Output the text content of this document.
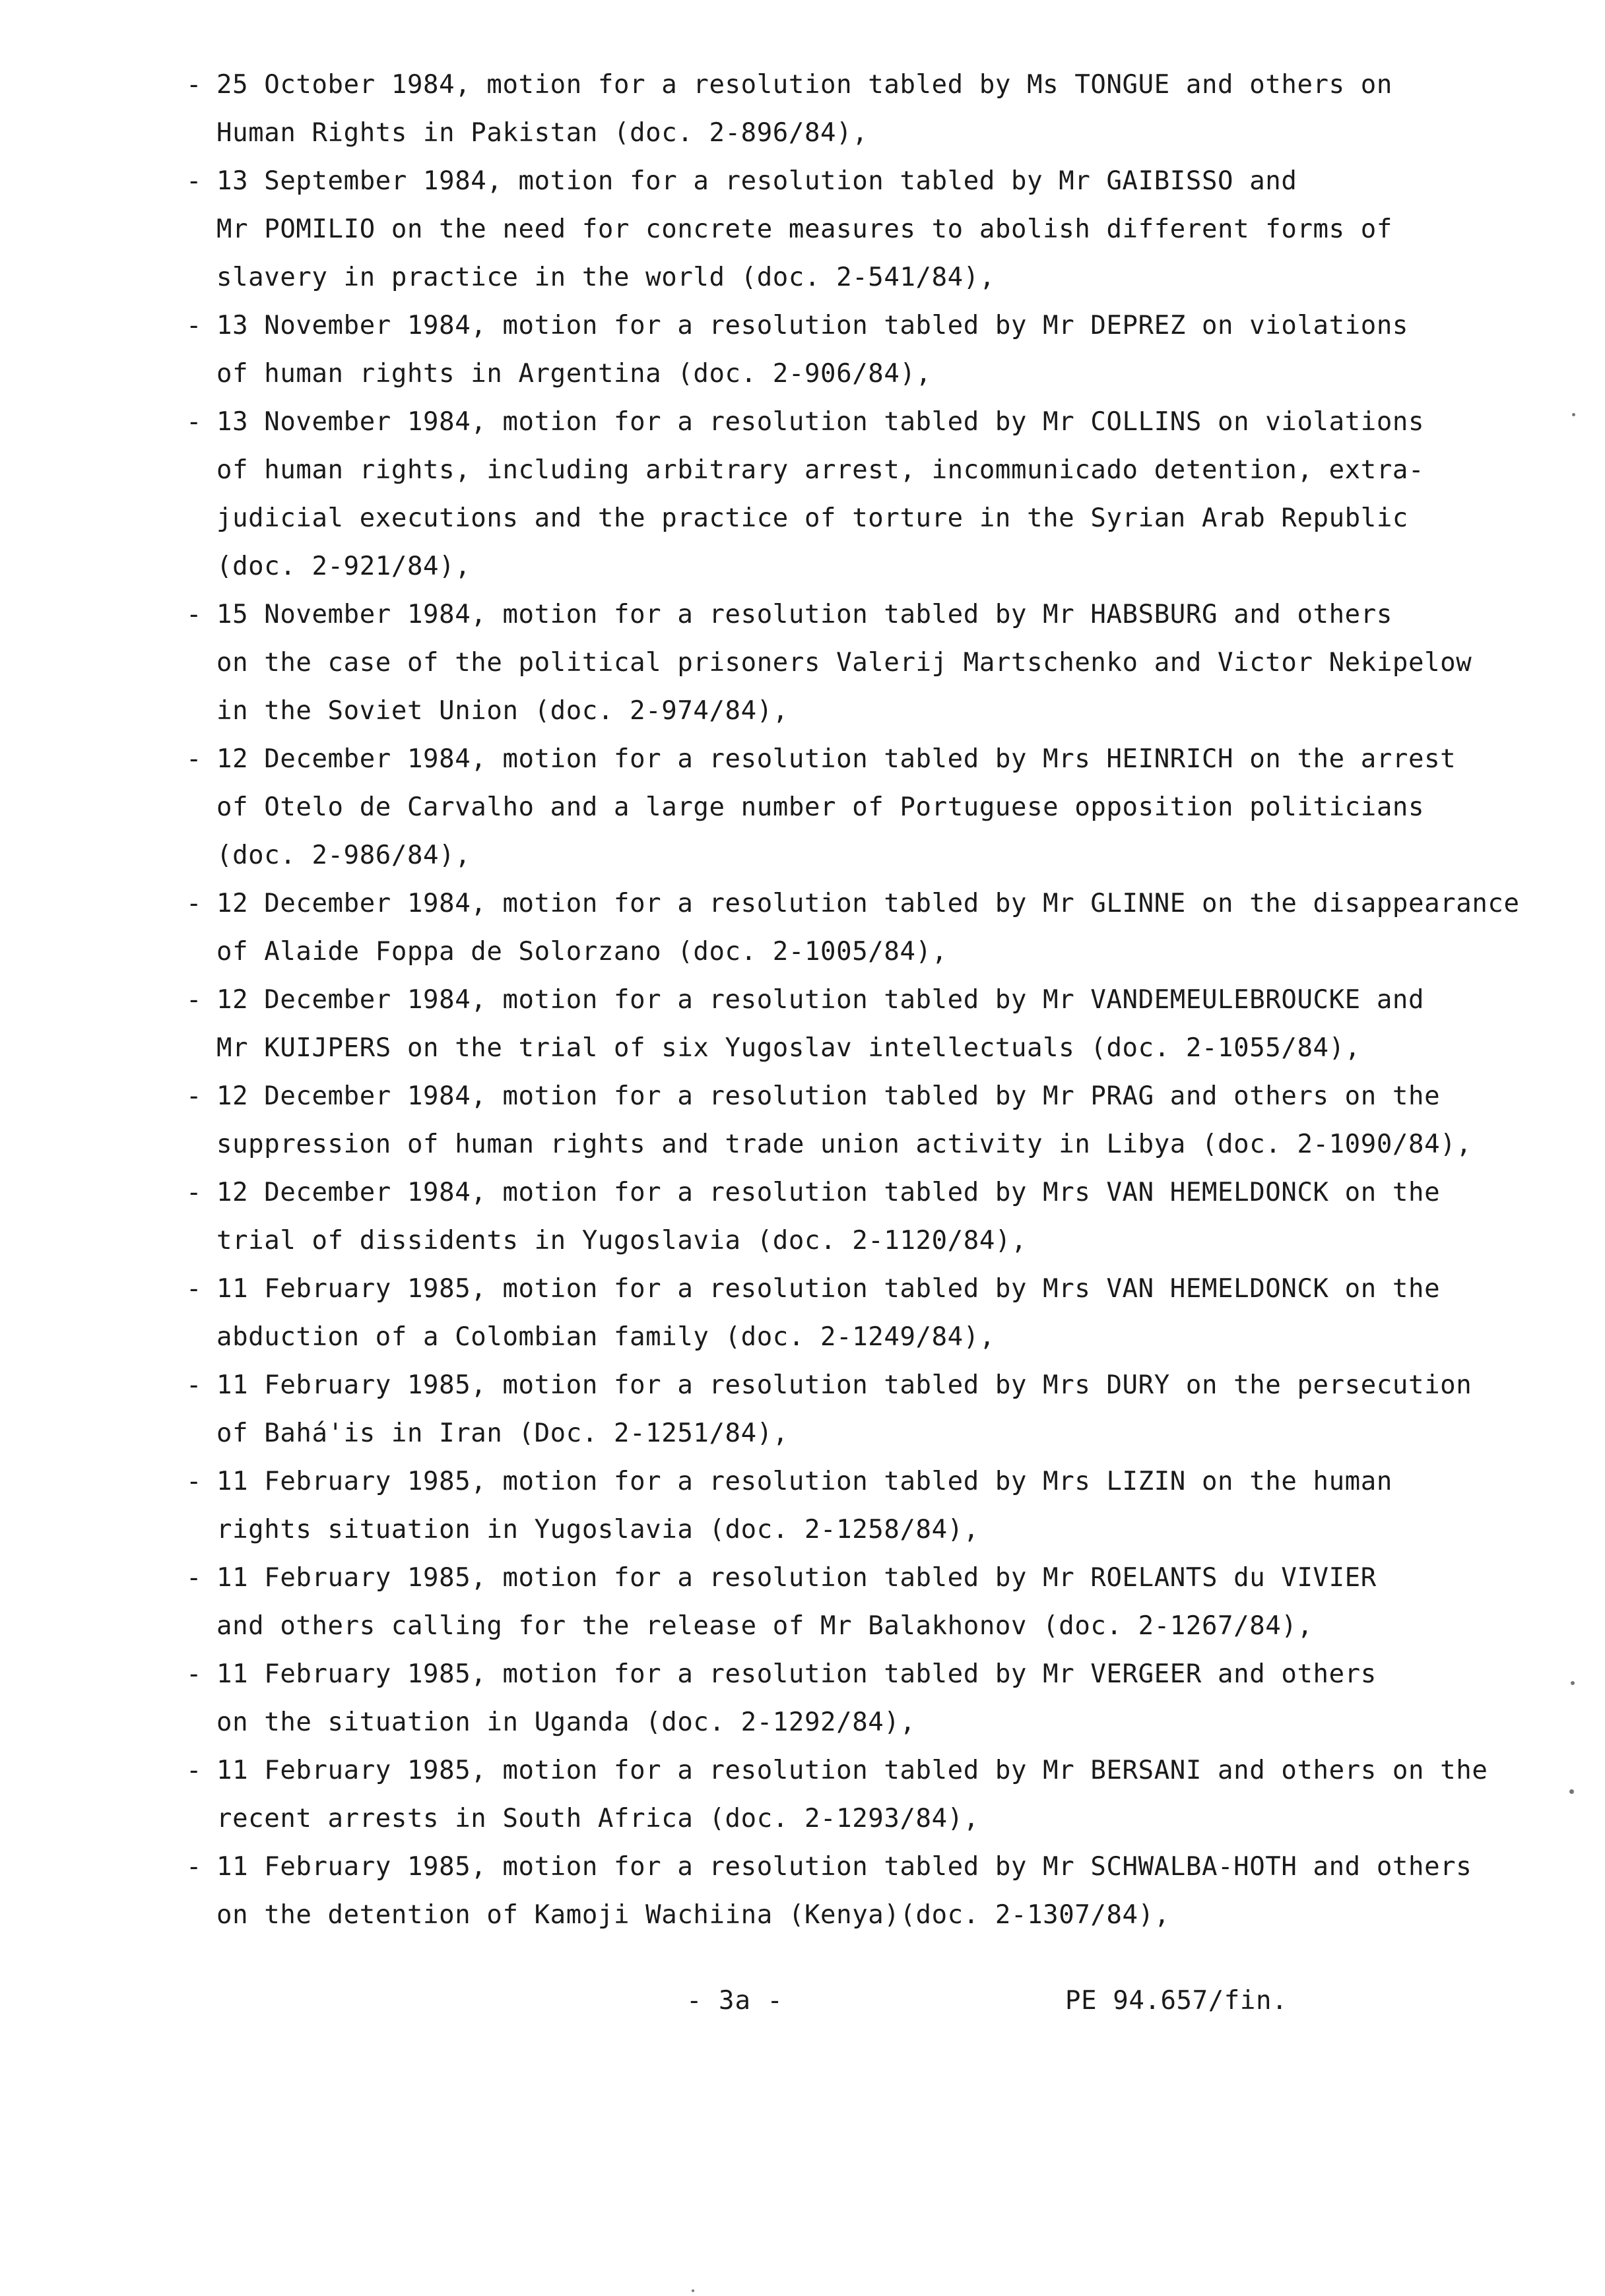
- 25 October 1984, motion for a resolution tabled by Ms TONGUE and others on
Human Rights in Pakistan (doc. 2-896/84),
- 13 September 1984, motion for a resolution tabled by Mr GAIBISSO and
Mr POMILIO on the need for concrete measures to abolish different forms of
slavery in practice in the world (doc. 2-541/84),
- 13 November 1984, motion for a resolution tabled by Mr DEPREZ on violations
of human rights in Argentina (doc. 2-906/84),
- 13 November 1984, motion for a resolution tabled by Mr COLLINS on violations
of human rights, including arbitrary arrest, incommunicado detention, extra-
judicial executions and the practice of torture in the Syrian Arab Republic
(doc. 2-921/84),
- 15 November 1984, motion for a resolution tabled by Mr HABSBURG and others
on the case of the political prisoners Valerij Martschenko and Victor Nekipelow
in the Soviet Union (doc. 2-974/84),
- 12 December 1984, motion for a resolution tabled by Mrs HEINRICH on the arrest
of Otelo de Carvalho and a large number of Portuguese opposition politicians
(doc. 2-986/84),
- 12 December 1984, motion for a resolution tabled by Mr GLINNE on the disappearance
of Alaide Foppa de Solorzano (doc. 2-1005/84),
- 12 December 1984, motion for a resolution tabled by Mr VANDEMEULEBROUCKE and
Mr KUIJPERS on the trial of six Yugoslav intellectuals (doc. 2-1055/84),
- 12 December 1984, motion for a resolution tabled by Mr PRAG and others on the
suppression of human rights and trade union activity in Libya (doc. 2-1090/84),
- 12 December 1984, motion for a resolution tabled by Mrs VAN HEMELDONCK on the
trial of dissidents in Yugoslavia (doc. 2-1120/84),
- 11 February 1985, motion for a resolution tabled by Mrs VAN HEMELDONCK on the
abduction of a Colombian family (doc. 2-1249/84),
- 11 February 1985, motion for a resolution tabled by Mrs DURY on the persecution
of Bahá'is in Iran (Doc. 2-1251/84),
- 11 February 1985, motion for a resolution tabled by Mrs LIZIN on the human
rights situation in Yugoslavia (doc. 2-1258/84),
- 11 February 1985, motion for a resolution tabled by Mr ROELANTS du VIVIER
and others calling for the release of Mr Balakhonov (doc. 2-1267/84),
- 11 February 1985, motion for a resolution tabled by Mr VERGEER and others
on the situation in Uganda (doc. 2-1292/84),
- 11 February 1985, motion for a resolution tabled by Mr BERSANI and others on the
recent arrests in South Africa (doc. 2-1293/84),
- 11 February 1985, motion for a resolution tabled by Mr SCHWALBA-HOTH and others
on the detention of Kamoji Wachiina (Kenya)(doc. 2-1307/84),
- 3a -	PE 94.657/fin.
